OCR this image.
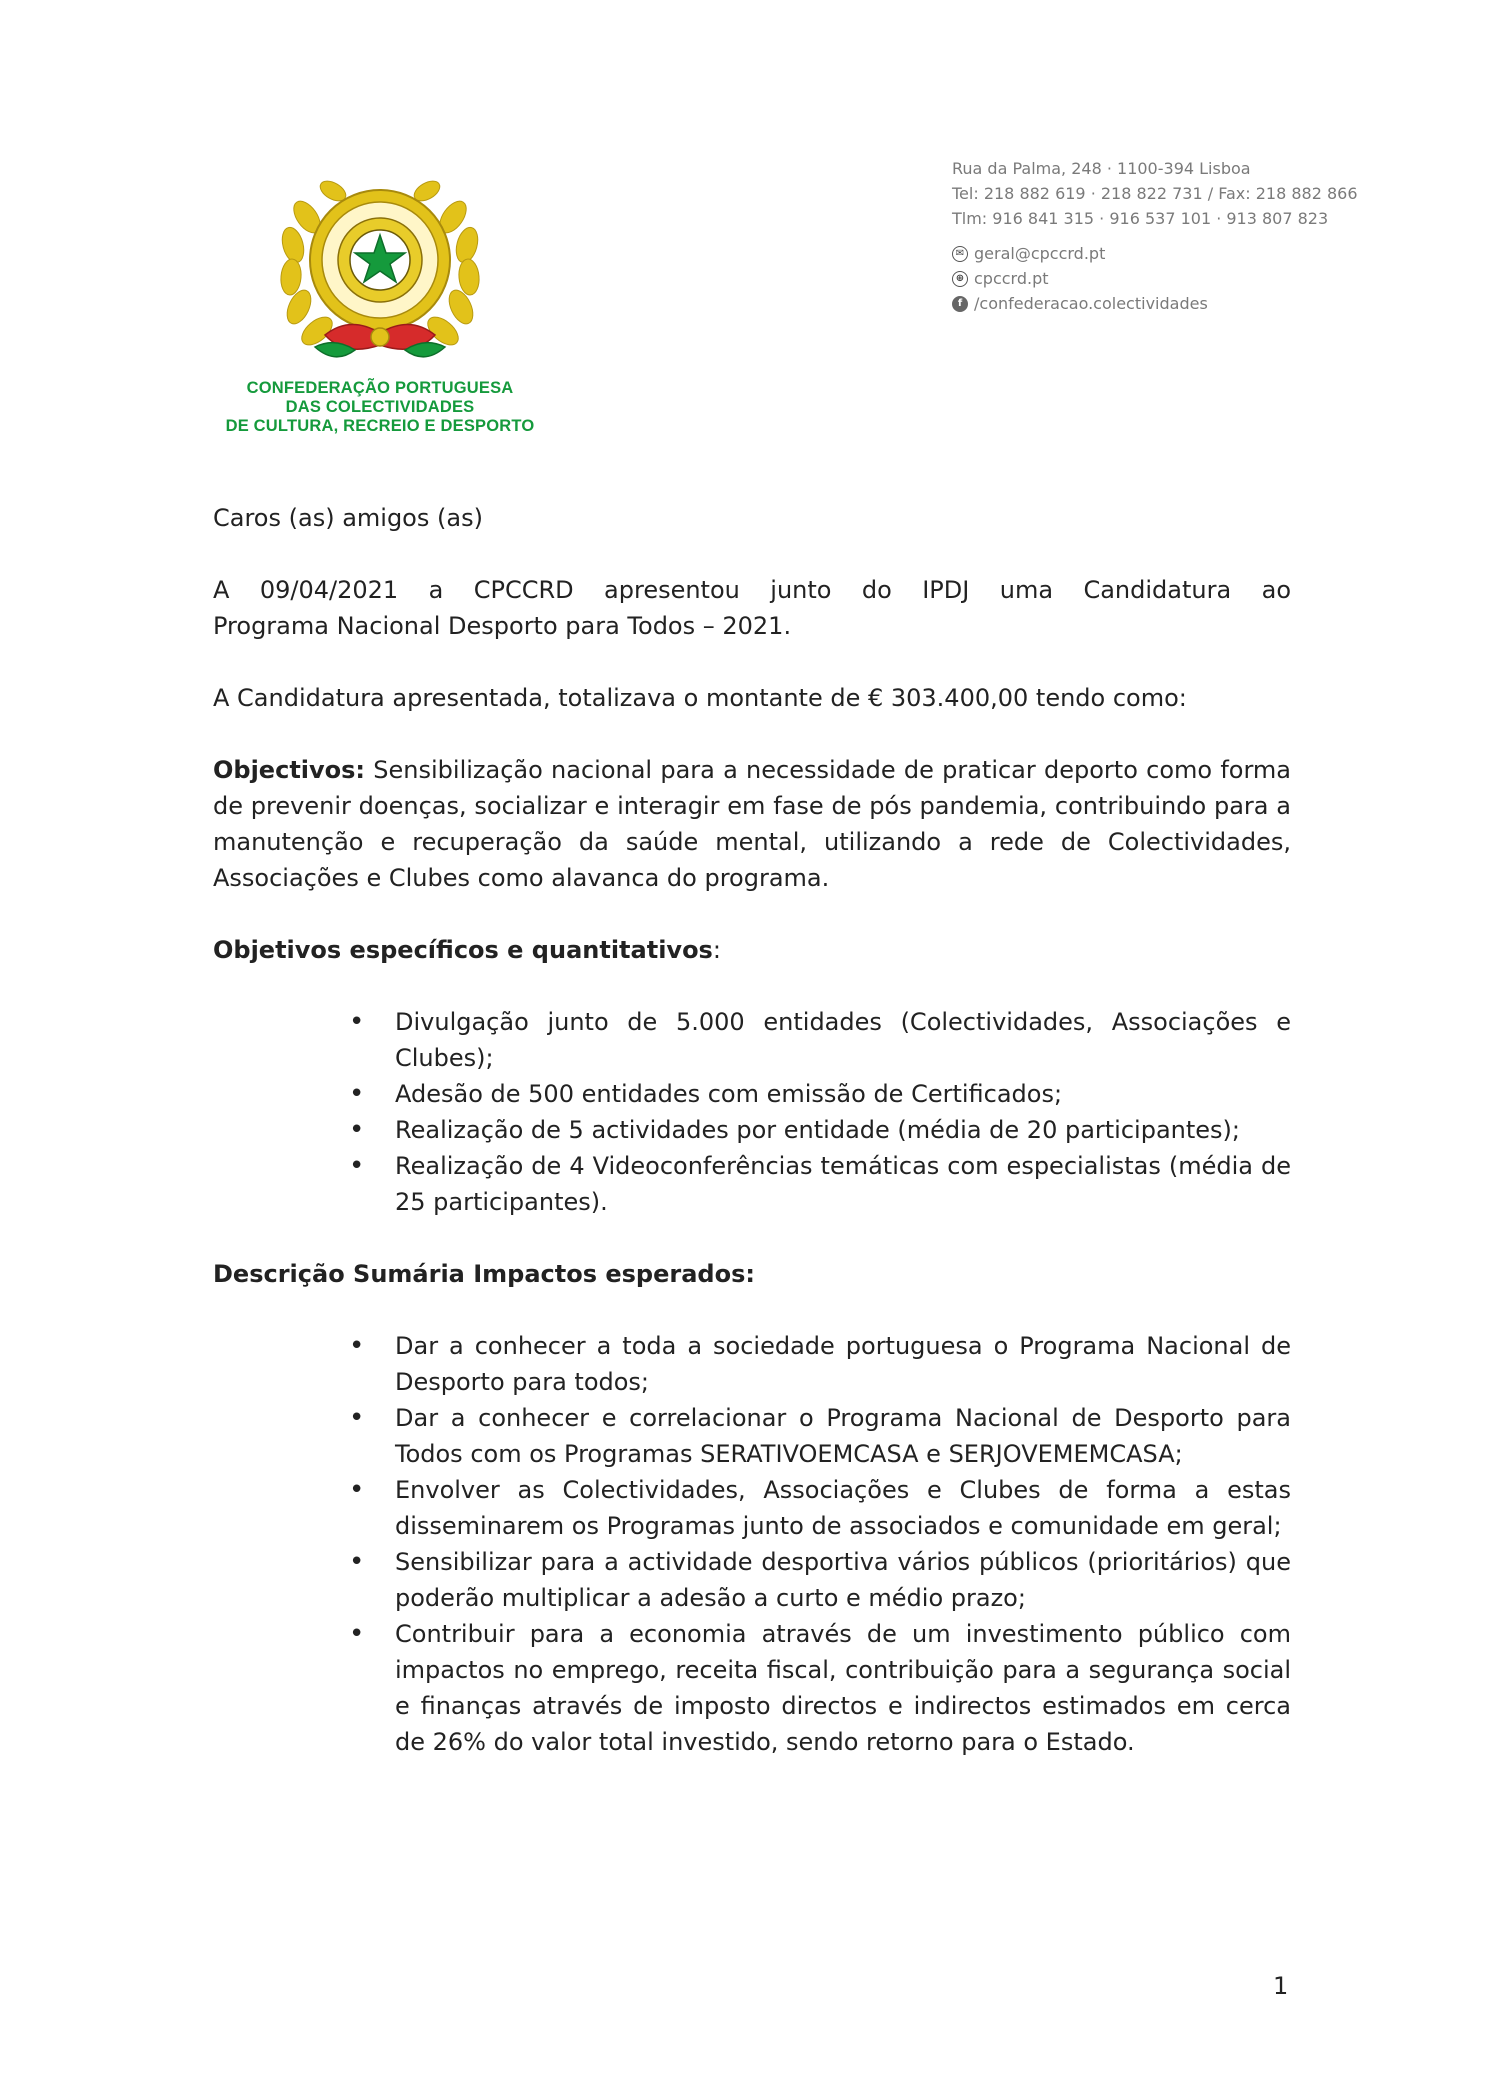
CONFEDERAÇÃO PORTUGUESA
DAS COLECTIVIDADES
DE CULTURA, RECREIO E DESPORTO
Rua da Palma, 248 · 1100-394 Lisboa
Tel: 218 882 619 · 218 822 731 / Fax: 218 882 866
Tlm: 916 841 315 · 916 537 101 · 913 807 823
✉ geral@cpccrd.pt
⊕ cpccrd.pt
f /confederacao.colectividades

Caros (as) amigos (as)

A 09/04/2021 a CPCCRD apresentou junto do IPDJ uma Candidatura ao

Programa Nacional Desporto para Todos – 2021.

A Candidatura apresentada, totalizava o montante de € 303.400,00 tendo como:

Objectivos: Sensibilização nacional para a necessidade de praticar deporto como forma de prevenir doenças, socializar e interagir em fase de pós pandemia, contribuindo para a manutenção e recuperação da saúde mental, utilizando a rede de Colectividades, Associações e Clubes como alavanca do programa.

Objetivos específicos e quantitativos:

• Divulgação junto de 5.000 entidades (Colectividades, Associações e Clubes);
• Adesão de 500 entidades com emissão de Certificados;
• Realização de 5 actividades por entidade (média de 20 participantes);
• Realização de 4 Videoconferências temáticas com especialistas (média de 25 participantes).

Descrição Sumária Impactos esperados:

• Dar a conhecer a toda a sociedade portuguesa o Programa Nacional de Desporto para todos;
• Dar a conhecer e correlacionar o Programa Nacional de Desporto para Todos com os Programas SERATIVOEMCASA e SERJOVEMEMCASA;
• Envolver as Colectividades, Associações e Clubes de forma a estas disseminarem os Programas junto de associados e comunidade em geral;
• Sensibilizar para a actividade desportiva vários públicos (prioritários) que poderão multiplicar a adesão a curto e médio prazo;
• Contribuir para a economia através de um investimento público com impactos no emprego, receita fiscal, contribuição para a segurança social e finanças através de imposto directos e indirectos estimados em cerca de 26% do valor total investido, sendo retorno para o Estado.
1
